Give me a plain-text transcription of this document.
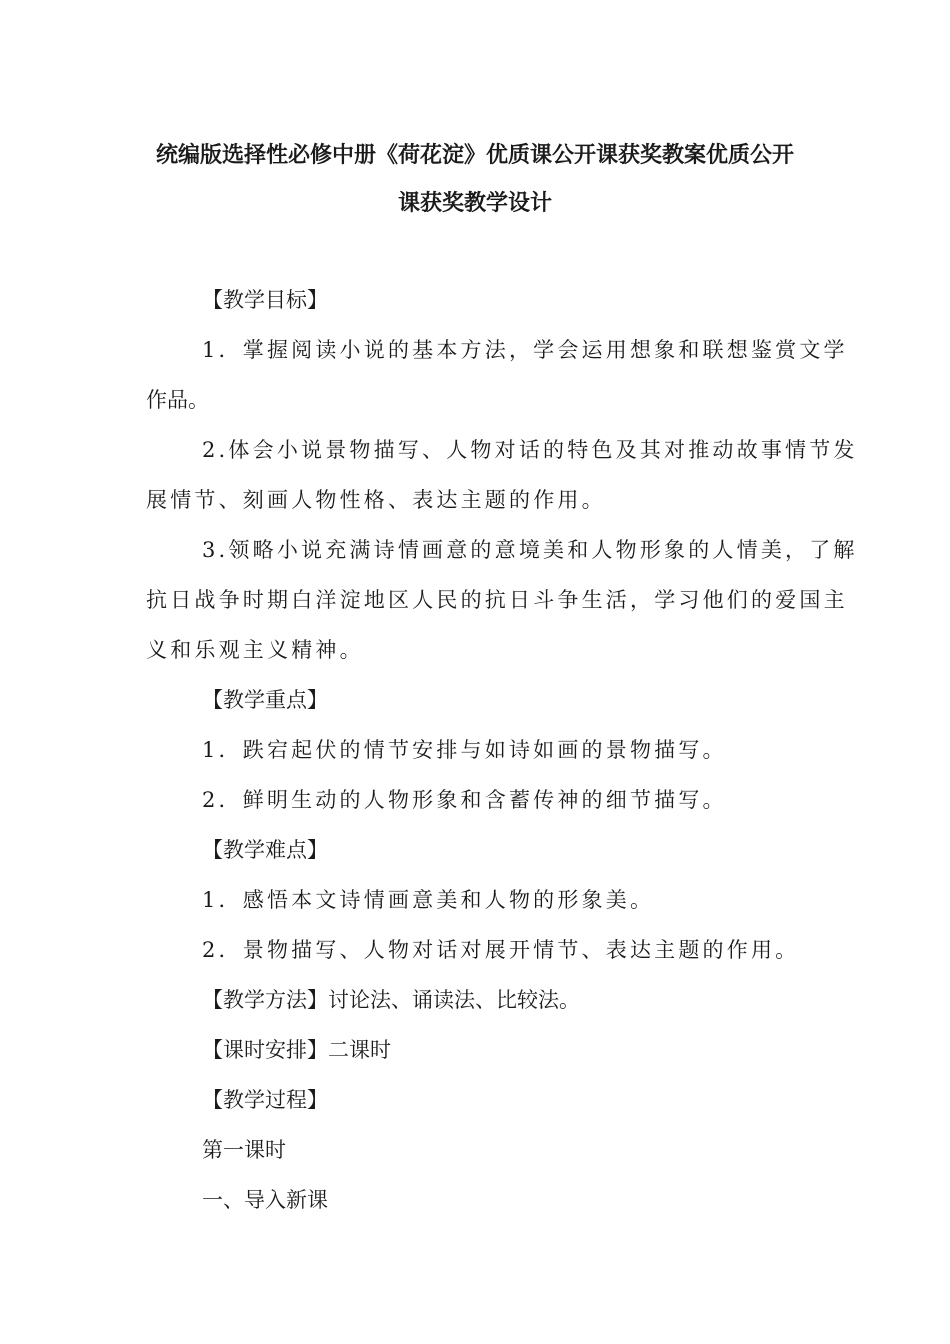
统编版选择性必修中册《荷花淀》优质课公开课获奖教案优质公开
课获奖教学设计
【教学目标】
1．掌握阅读小说的基本方法，学会运用想象和联想鉴赏文学
作品。
2.体会小说景物描写、人物对话的特色及其对推动故事情节发
展情节、刻画人物性格、表达主题的作用。
3.领略小说充满诗情画意的意境美和人物形象的人情美，了解
抗日战争时期白洋淀地区人民的抗日斗争生活，学习他们的爱国主
义和乐观主义精神。
【教学重点】
1．跌宕起伏的情节安排与如诗如画的景物描写。
2．鲜明生动的人物形象和含蓄传神的细节描写。
【教学难点】
1．感悟本文诗情画意美和人物的形象美。
2．景物描写、人物对话对展开情节、表达主题的作用。
【教学方法】讨论法、诵读法、比较法。
【课时安排】二课时
【教学过程】
第一课时
一、导入新课
